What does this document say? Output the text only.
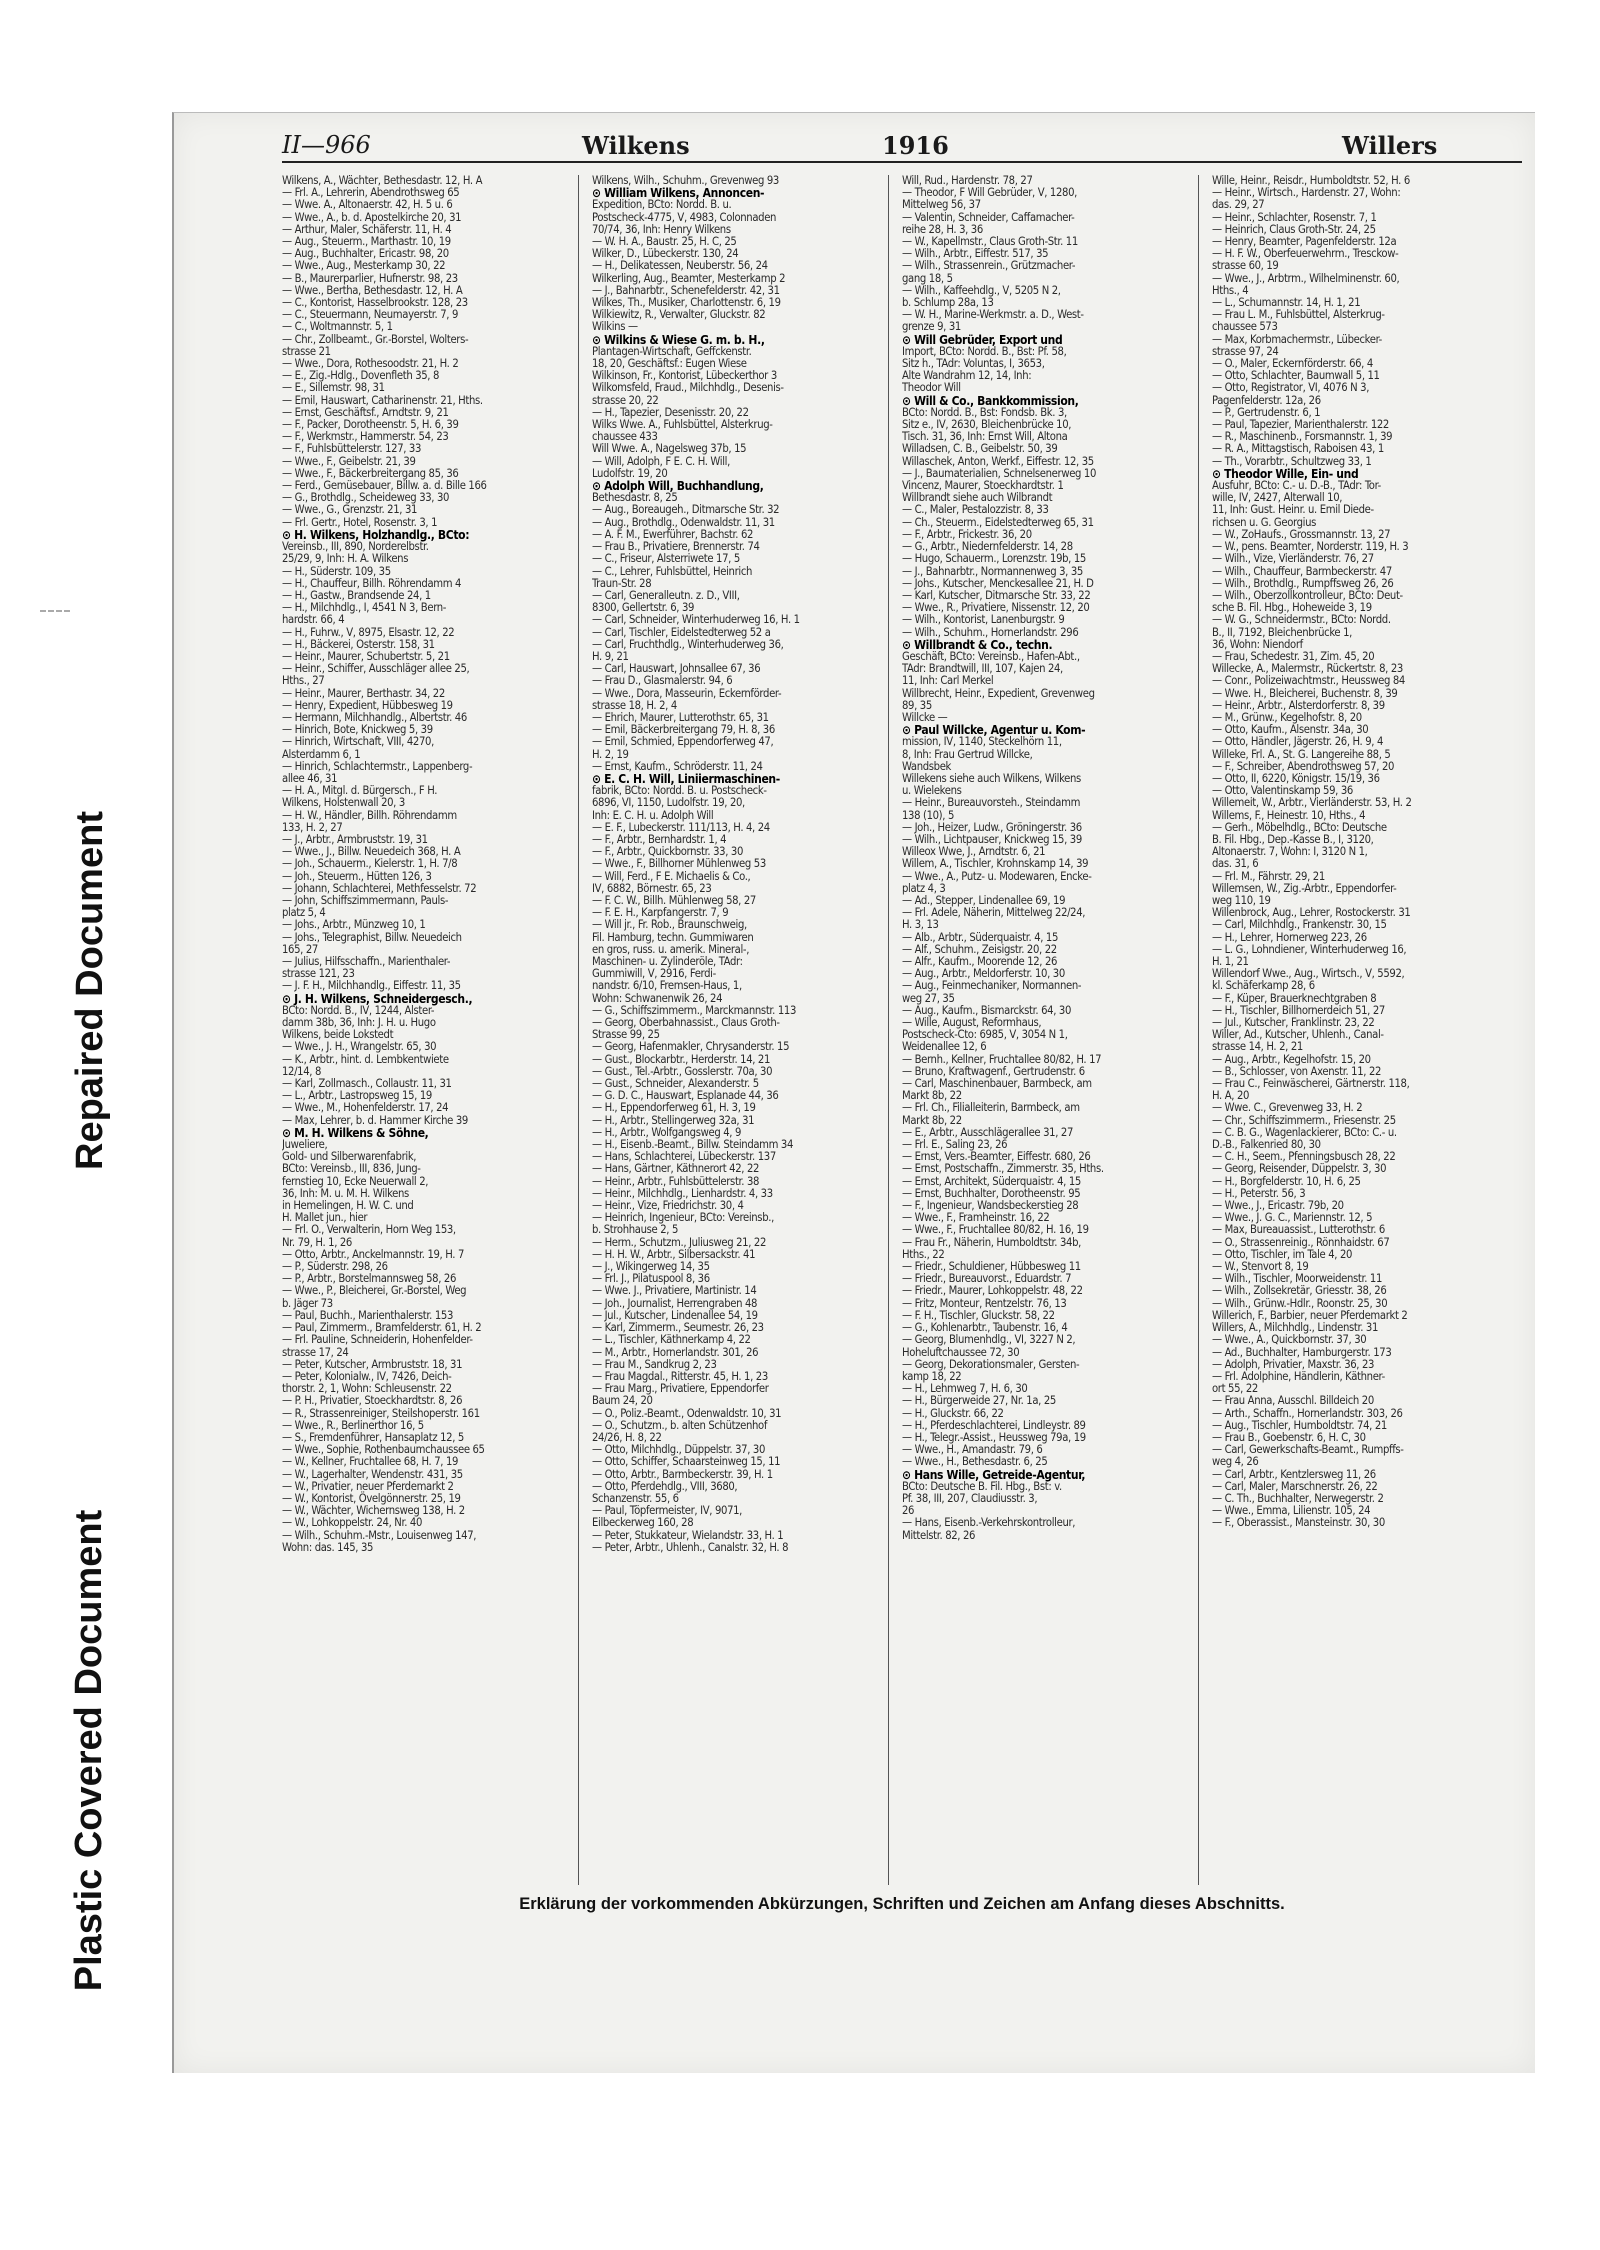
Repaired Document
Plastic Covered Document
II—966	Wilkens	1916	Willers
Wilkens, A., Wächter, Bethesdastr. 12, H. A
— Frl. A., Lehrerin, Abendrothsweg 65
— Wwe. A., Altonaerstr. 42, H. 5 u. 6
— Wwe., A., b. d. Apostelkirche 20, 31
— Arthur, Maler, Schäferstr. 11, H. 4
— Aug., Steuerm., Marthastr. 10, 19
— Aug., Buchhalter, Ericastr. 98, 20
— Wwe., Aug., Mesterkamp 30, 22
— B., Maurerparlier, Hufnerstr. 98, 23
— Wwe., Bertha, Bethesdastr. 12, H. A
— C., Kontorist, Hasselbrookstr. 128, 23
— C., Steuermann, Neumayerstr. 7, 9
— C., Woltmannstr. 5, 1
— Chr., Zollbeamt., Gr.-Borstel, Wolters-
strasse 21
— Wwe., Dora, Rothesoodstr. 21, H. 2
— E., Zig.-Hdlg., Dovenfleth 35, 8
— E., Sillemstr. 98, 31
— Emil, Hauswart, Catharinenstr. 21, Hths.
— Ernst, Geschäftsf., Arndtstr. 9, 21
— F., Packer, Dorotheenstr. 5, H. 6, 39
— F., Werkmstr., Hammerstr. 54, 23
— F., Fuhlsbüttelerstr. 127, 33
— Wwe., F., Geibelstr. 21, 39
— Wwe., F., Bäckerbreitergang 85, 36
— Ferd., Gemüsebauer, Billw. a. d. Bille 166
— G., Brothdlg., Scheideweg 33, 30
— Wwe., G., Grenzstr. 21, 31
— Frl. Gertr., Hotel, Rosenstr. 3, 1
⊙ H. Wilkens, Holzhandlg., BCto:
Vereinsb., III, 890, Norderelbstr.
25/29, 9, Inh: H. A. Wilkens
— H., Süderstr. 109, 35
— H., Chauffeur, Billh. Röhrendamm 4
— H., Gastw., Brandsende 24, 1
— H., Milchhdlg., I, 4541 N 3, Bern-
hardstr. 66, 4
— H., Fuhrw., V, 8975, Elsastr. 12, 22
— H., Bäckerei, Osterstr. 158, 31
— Heinr., Maurer, Schubertstr. 5, 21
— Heinr., Schiffer, Ausschläger allee 25,
Hths., 27
— Heinr., Maurer, Berthastr. 34, 22
— Henry, Expedient, Hübbesweg 19
— Hermann, Milchhandlg., Albertstr. 46
— Hinrich, Bote, Knickweg 5, 39
— Hinrich, Wirtschaft, VIII, 4270,
Alsterdamm 6, 1
— Hinrich, Schlachtermstr., Lappenberg-
allee 46, 31
— H. A., Mitgl. d. Bürgersch., F H.
Wilkens, Holstenwall 20, 3
— H. W., Händler, Billh. Röhrendamm
133, H. 2, 27
— J., Arbtr., Armbruststr. 19, 31
— Wwe., J., Billw. Neuedeich 368, H. A
— Joh., Schauerm., Kielerstr. 1, H. 7/8
— Joh., Steuerm., Hütten 126, 3
— Johann, Schlachterei, Methfesselstr. 72
— John, Schiffszimmermann, Pauls-
platz 5, 4
— Johs., Arbtr., Münzweg 10, 1
— Johs., Telegraphist, Billw. Neuedeich
165, 27
— Julius, Hilfsschaffn., Marienthaler-
strasse 121, 23
— J. F. H., Milchhandlg., Eiffestr. 11, 35
⊙ J. H. Wilkens, Schneidergesch.,
BCto: Nordd. B., IV, 1244, Alster-
damm 38b, 36, Inh: J. H. u. Hugo
Wilkens, beide Lokstedt
— Wwe., J. H., Wrangelstr. 65, 30
— K., Arbtr., hint. d. Lembkentwiete
12/14, 8
— Karl, Zollmasch., Collaustr. 11, 31
— L., Arbtr., Lastropsweg 15, 19
— Wwe., M., Hohenfelderstr. 17, 24
— Max, Lehrer, b. d. Hammer Kirche 39
⊙ M. H. Wilkens & Söhne,
Juweliere,
Gold- und Silberwarenfabrik,
BCto: Vereinsb., III, 836, Jung-
fernstieg 10, Ecke Neuerwall 2,
36, Inh: M. u. M. H. Wilkens
in Hemelingen, H. W. C. und
H. Mallet jun., hier
— Frl. O., Verwalterin, Horn Weg 153,
Nr. 79, H. 1, 26
— Otto, Arbtr., Anckelmannstr. 19, H. 7
— P., Süderstr. 298, 26
— P., Arbtr., Borstelmannsweg 58, 26
— Wwe., P., Bleicherei, Gr.-Borstel, Weg
b. Jäger 73
— Paul, Buchh., Marienthalerstr. 153
— Paul, Zimmerm., Bramfelderstr. 61, H. 2
— Frl. Pauline, Schneiderin, Hohenfelder-
strasse 17, 24
— Peter, Kutscher, Armbruststr. 18, 31
— Peter, Kolonialw., IV, 7426, Deich-
thorstr. 2, 1, Wohn: Schleusenstr. 22
— P. H., Privatier, Stoeckhardtstr. 8, 26
— R., Strassenreiniger, Steilshoperstr. 161
— Wwe., R., Berlinerthor 16, 5
— S., Fremdenführer, Hansaplatz 12, 5
— Wwe., Sophie, Rothenbaumchaussee 65
— W., Kellner, Fruchtallee 68, H. 7, 19
— W., Lagerhalter, Wendenstr. 431, 35
— W., Privatier, neuer Pferdemarkt 2
— W., Kontorist, Övelgönnerstr. 25, 19
— W., Wächter, Wichernsweg 138, H. 2
— W., Lohkoppelstr. 24, Nr. 40
— Wilh., Schuhm.-Mstr., Louisenweg 147,
Wohn: das. 145, 35
Wilkens, Wilh., Schuhm., Grevenweg 93
⊙ William Wilkens, Annoncen-
Expedition, BCto: Nordd. B. u.
Postscheck-4775, V, 4983, Colonnaden
70/74, 36, Inh: Henry Wilkens
— W. H. A., Baustr. 25, H. C, 25
Wilker, D., Lübeckerstr. 130, 24
— H., Delikatessen, Neuberstr. 56, 24
Wilkerling, Aug., Beamter, Mesterkamp 2
— J., Bahnarbtr., Schenefelderstr. 42, 31
Wilkes, Th., Musiker, Charlottenstr. 6, 19
Wilkiewitz, R., Verwalter, Gluckstr. 82
Wilkins —
⊙ Wilkins & Wiese G. m. b. H.,
Plantagen-Wirtschaft, Geffckenstr.
18, 20, Geschäftsf.: Eugen Wiese
Wilkinson, Fr., Kontorist, Lübeckerthor 3
Wilkomsfeld, Fraud., Milchhdlg., Desenis-
strasse 20, 22
— H., Tapezier, Desenisstr. 20, 22
Wilks Wwe. A., Fuhlsbüttel, Alsterkrug-
chaussee 433
Will Wwe. A., Nagelsweg 37b, 15
— Will, Adolph, F E. C. H. Will,
Ludolfstr. 19, 20
⊙ Adolph Will, Buchhandlung,
Bethesdastr. 8, 25
— Aug., Boreaugeh., Ditmarsche Str. 32
— Aug., Brothdlg., Odenwaldstr. 11, 31
— A. F. M., Ewerführer, Bachstr. 62
— Frau B., Privatiere, Brennerstr. 74
— C., Friseur, Alsterriwete 17, 5
— C., Lehrer, Fuhlsbüttel, Heinrich
Traun-Str. 28
— Carl, Generalleutn. z. D., VIII,
8300, Gellertstr. 6, 39
— Carl, Schneider, Winterhuderweg 16, H. 1
— Carl, Tischler, Eidelstedterweg 52 a
— Carl, Fruchthdlg., Winterhuderweg 36,
H. 9, 21
— Carl, Hauswart, Johnsallee 67, 36
— Frau D., Glasmalerstr. 94, 6
— Wwe., Dora, Masseurin, Eckernförder-
strasse 18, H. 2, 4
— Ehrich, Maurer, Lutterothstr. 65, 31
— Emil, Bäckerbreitergang 79, H. 8, 36
— Emil, Schmied, Eppendorferweg 47,
H. 2, 19
— Ernst, Kaufm., Schröderstr. 11, 24
⊙ E. C. H. Will, Liniiermaschinen-
fabrik, BCto: Nordd. B. u. Postscheck-
6896, VI, 1150, Ludolfstr. 19, 20,
Inh: E. C. H. u. Adolph Will
— E. F., Lubeckerstr. 111/113, H. 4, 24
— F., Arbtr., Bernhardstr. 1, 4
— F., Arbtr., Quickbornstr. 33, 30
— Wwe., F., Billhorner Mühlenweg 53
— Will, Ferd., F E. Michaelis & Co.,
IV, 6882, Börnestr. 65, 23
— F. C. W., Billh. Mühlenweg 58, 27
— F. E. H., Karpfangerstr. 7, 9
— Will jr., Fr. Rob., Braunschweig,
Fil. Hamburg, techn. Gummiwaren
en gros, russ. u. amerik. Mineral-,
Maschinen- u. Zylinderöle, TAdr:
Gummiwill, V, 2916, Ferdi-
nandstr. 6/10, Fremsen-Haus, 1,
Wohn: Schwanenwik 26, 24
— G., Schiffszimmerm., Marckmannstr. 113
— Georg, Oberbahnassist., Claus Groth-
Strasse 99, 25
— Georg, Hafenmakler, Chrysanderstr. 15
— Gust., Blockarbtr., Herderstr. 14, 21
— Gust., Tel.-Arbtr., Gosslerstr. 70a, 30
— Gust., Schneider, Alexanderstr. 5
— G. D. C., Hauswart, Esplanade 44, 36
— H., Eppendorferweg 61, H. 3, 19
— H., Arbtr., Stellingerweg 32a, 31
— H., Arbtr., Wolfgangsweg 4, 9
— H., Eisenb.-Beamt., Billw. Steindamm 34
— Hans, Schlachterei, Lübeckerstr. 137
— Hans, Gärtner, Käthnerort 42, 22
— Heinr., Arbtr., Fuhlsbüttelerstr. 38
— Heinr., Milchhdlg., Lienhardstr. 4, 33
— Heinr., Vize, Friedrichstr. 30, 4
— Heinrich, Ingenieur, BCto: Vereinsb.,
b. Strohhause 2, 5
— Herm., Schutzm., Juliusweg 21, 22
— H. H. W., Arbtr., Silbersackstr. 41
— J., Wikingerweg 14, 35
— Frl. J., Pilatuspool 8, 36
— Wwe. J., Privatiere, Martinistr. 14
— Joh., Journalist, Herrengraben 48
— Jul., Kutscher, Lindenallee 54, 19
— Karl, Zimmerm., Seumestr. 26, 23
— L., Tischler, Käthnerkamp 4, 22
— M., Arbtr., Hornerlandstr. 301, 26
— Frau M., Sandkrug 2, 23
— Frau Magdal., Ritterstr. 45, H. 1, 23
— Frau Marg., Privatiere, Eppendorfer
Baum 24, 20
— O., Poliz.-Beamt., Odenwaldstr. 10, 31
— O., Schutzm., b. alten Schützenhof
24/26, H. 8, 22
— Otto, Milchhdlg., Düppelstr. 37, 30
— Otto, Schiffer, Schaarsteinweg 15, 11
— Otto, Arbtr., Barmbeckerstr. 39, H. 1
— Otto, Pferdehdlg., VIII, 3680,
Schanzenstr. 55, 6
— Paul, Töpfermeister, IV, 9071,
Eilbeckerweg 160, 28
— Peter, Stukkateur, Wielandstr. 33, H. 1
— Peter, Arbtr., Uhlenh., Canalstr. 32, H. 8
Will, Rud., Hardenstr. 78, 27
— Theodor, F Will Gebrüder, V, 1280,
Mittelweg 56, 37
— Valentin, Schneider, Caffamacher-
reihe 28, H. 3, 36
— W., Kapellmstr., Claus Groth-Str. 11
— Wilh., Arbtr., Eiffestr. 517, 35
— Wilh., Strassenrein., Grützmacher-
gang 18, 5
— Wilh., Kaffeehdlg., V, 5205 N 2,
b. Schlump 28a, 13
— W. H., Marine-Werkmstr. a. D., West-
grenze 9, 31
⊙ Will Gebrüder, Export und
Import, BCto: Nordd. B., Bst: Pf. 58,
Sitz h., TAdr: Voluntas, I, 3653,
Alte Wandrahm 12, 14, Inh:
Theodor Will
⊙ Will & Co., Bankkommission,
BCto: Nordd. B., Bst: Fondsb. Bk. 3,
Sitz e., IV, 2630, Bleichenbrücke 10,
Tisch. 31, 36, Inh: Ernst Will, Altona
Willadsen, C. B., Geibelstr. 50, 39
Willaschek, Anton, Werkf., Eiffestr. 12, 35
— J., Baumaterialien, Schnelsenerweg 10
Vincenz, Maurer, Stoeckhardtstr. 1
Willbrandt siehe auch Wilbrandt
— C., Maler, Pestalozzistr. 8, 33
— Ch., Steuerm., Eidelstedterweg 65, 31
— F., Arbtr., Frickestr. 36, 20
— G., Arbtr., Niedernfelderstr. 14, 28
— Hugo, Schauerm., Lorenzstr. 19b, 15
— J., Bahnarbtr., Normannenweg 3, 35
— Johs., Kutscher, Menckesallee 21, H. D
— Karl, Kutscher, Ditmarsche Str. 33, 22
— Wwe., R., Privatiere, Nissenstr. 12, 20
— Wilh., Kontorist, Lanenburgstr. 9
— Wilh., Schuhm., Hornerlandstr. 296
⊙ Willbrandt & Co., techn.
Geschäft, BCto: Vereinsb., Hafen-Abt.,
TAdr: Brandtwill, III, 107, Kajen 24,
11, Inh: Carl Merkel
Willbrecht, Heinr., Expedient, Grevenweg
89, 35
Willcke —
⊙ Paul Willcke, Agentur u. Kom-
mission, IV, 1140, Steckelhörn 11,
8, Inh: Frau Gertrud Willcke,
Wandsbek
Willekens siehe auch Wilkens, Wilkens
u. Wielekens
— Heinr., Bureauvorsteh., Steindamm
138 (10), 5
— Joh., Heizer, Ludw., Gröningerstr. 36
— Wilh., Lichtpauser, Knickweg 15, 39
Willeox Wwe, J., Arndtstr. 6, 21
Willem, A., Tischler, Krohnskamp 14, 39
— Wwe., A., Putz- u. Modewaren, Encke-
platz 4, 3
— Ad., Stepper, Lindenallee 69, 19
— Frl. Adele, Näherin, Mittelweg 22/24,
H. 3, 13
— Alb., Arbtr., Süderquaistr. 4, 15
— Alf., Schuhm., Zeisigstr. 20, 22
— Alfr., Kaufm., Moorende 12, 26
— Aug., Arbtr., Meldorferstr. 10, 30
— Aug., Feinmechaniker, Normannen-
weg 27, 35
— Aug., Kaufm., Bismarckstr. 64, 30
— Wille, August, Reformhaus,
Postscheck-Cto: 6985, V, 3054 N 1,
Weidenallee 12, 6
— Bernh., Kellner, Fruchtallee 80/82, H. 17
— Bruno, Kraftwagenf., Gertrudenstr. 6
— Carl, Maschinenbauer, Barmbeck, am
Markt 8b, 22
— Frl. Ch., Filialleiterin, Barmbeck, am
Markt 8b, 22
— E., Arbtr., Ausschlägerallee 31, 27
— Frl. E., Saling 23, 26
— Ernst, Vers.-Beamter, Eiffestr. 680, 26
— Ernst, Postschaffn., Zimmerstr. 35, Hths.
— Ernst, Architekt, Süderquaistr. 4, 15
— Ernst, Buchhalter, Dorotheenstr. 95
— F., Ingenieur, Wandsbeckerstieg 28
— Wwe., F., Framheinstr. 16, 22
— Wwe., F., Fruchtallee 80/82, H. 16, 19
— Frau Fr., Näherin, Humboldtstr. 34b,
Hths., 22
— Friedr., Schuldiener, Hübbesweg 11
— Friedr., Bureauvorst., Eduardstr. 7
— Friedr., Maurer, Lohkoppelstr. 48, 22
— Fritz, Monteur, Rentzelstr. 76, 13
— F. H., Tischler, Gluckstr. 58, 22
— G., Kohlenarbtr., Taubenstr. 16, 4
— Georg, Blumenhdlg., VI, 3227 N 2,
Hoheluftchaussee 72, 30
— Georg, Dekorationsmaler, Gersten-
kamp 18, 22
— H., Lehmweg 7, H. 6, 30
— H., Bürgerweide 27, Nr. 1a, 25
— H., Gluckstr. 66, 22
— H., Pferdeschlachterei, Lindleystr. 89
— H., Telegr.-Assist., Heussweg 79a, 19
— Wwe., H., Amandastr. 79, 6
— Wwe., H., Bethesdastr. 6, 25
⊙ Hans Wille, Getreide-Agentur,
BCto: Deutsche B. Fil. Hbg., Bst: v.
Pf. 38, III, 207, Claudiusstr. 3,
26
— Hans, Eisenb.-Verkehrskontrolleur,
Mittelstr. 82, 26
Wille, Heinr., Reisdr., Humboldtstr. 52, H. 6
— Heinr., Wirtsch., Hardenstr. 27, Wohn:
das. 29, 27
— Heinr., Schlachter, Rosenstr. 7, 1
— Heinrich, Claus Groth-Str. 24, 25
— Henry, Beamter, Pagenfelderstr. 12a
— H. F. W., Oberfeuerwehrm., Tresckow-
strasse 60, 19
— Wwe., J., Arbtrm., Wilhelminenstr. 60,
Hths., 4
— L., Schumannstr. 14, H. 1, 21
— Frau L. M., Fuhlsbüttel, Alsterkrug-
chaussee 573
— Max, Korbmachermstr., Lübecker-
strasse 97, 24
— O., Maler, Eckernförderstr. 66, 4
— Otto, Schlachter, Baumwall 5, 11
— Otto, Registrator, VI, 4076 N 3,
Pagenfelderstr. 12a, 26
— P., Gertrudenstr. 6, 1
— Paul, Tapezier, Marienthalerstr. 122
— R., Maschinenb., Forsmannstr. 1, 39
— R. A., Mittagstisch, Raboisen 43, 1
— Th., Vorarbtr., Schultzweg 33, 1
⊙ Theodor Wille, Ein- und
Ausfuhr, BCto: C.- u. D.-B., TAdr: Tor-
wille, IV, 2427, Alterwall 10,
11, Inh: Gust. Heinr. u. Emil Diede-
richsen u. G. Georgius
— W., ZoHaufs., Grossmannstr. 13, 27
— W., pens. Beamter, Norderstr. 119, H. 3
— Wilh., Vize, Vierländerstr. 76, 27
— Wilh., Chauffeur, Barmbeckerstr. 47
— Wilh., Brothdlg., Rumpffsweg 26, 26
— Wilh., Oberzollkontrolleur, BCto: Deut-
sche B. Fil. Hbg., Hoheweide 3, 19
— W. G., Schneidermstr., BCto: Nordd.
B., II, 7192, Bleichenbrücke 1,
36, Wohn: Niendorf
— Frau, Schedestr. 31, Zim. 45, 20
Willecke, A., Malermstr., Rückertstr. 8, 23
— Conr., Polizeiwachtmstr., Heussweg 84
— Wwe. H., Bleicherei, Buchenstr. 8, 39
— Heinr., Arbtr., Alsterdorferstr. 8, 39
— M., Grünw., Kegelhofstr. 8, 20
— Otto, Kaufm., Alsenstr. 34a, 30
— Otto, Händler, Jägerstr. 26, H. 9, 4
Willeke, Frl. A., St. G. Langereihe 88, 5
— F., Schreiber, Abendrothsweg 57, 20
— Otto, II, 6220, Königstr. 15/19, 36
— Otto, Valentinskamp 59, 36
Willemeit, W., Arbtr., Vierländerstr. 53, H. 2
Willems, F., Heinestr. 10, Hths., 4
— Gerh., Möbelhdlg., BCto: Deutsche
B. Fil. Hbg., Dep.-Kasse B., I, 3120,
Altonaerstr. 7, Wohn: I, 3120 N 1,
das. 31, 6
— Frl. M., Fährstr. 29, 21
Willemsen, W., Zig.-Arbtr., Eppendorfer-
weg 110, 19
Willenbrock, Aug., Lehrer, Rostockerstr. 31
— Carl, Milchhdlg., Frankenstr. 30, 15
— H., Lehrer, Hornerweg 223, 26
— L. G., Lohndiener, Winterhuderweg 16,
H. 1, 21
Willendorf Wwe., Aug., Wirtsch., V, 5592,
kl. Schäferkamp 28, 6
— F., Küper, Brauerknechtgraben 8
— H., Tischler, Billhornerdeich 51, 27
— Jul., Kutscher, Franklinstr. 23, 22
Willer, Ad., Kutscher, Uhlenh., Canal-
strasse 14, H. 2, 21
— Aug., Arbtr., Kegelhofstr. 15, 20
— B., Schlosser, von Axenstr. 11, 22
— Frau C., Feinwäscherei, Gärtnerstr. 118,
H. A, 20
— Wwe. C., Grevenweg 33, H. 2
— Chr., Schiffszimmerm., Friesenstr. 25
— C. B. G., Wagenlackierer, BCto: C.- u.
D.-B., Falkenried 80, 30
— C. H., Seem., Pfenningsbusch 28, 22
— Georg, Reisender, Düppelstr. 3, 30
— H., Borgfelderstr. 10, H. 6, 25
— H., Peterstr. 56, 3
— Wwe., J., Ericastr. 79b, 20
— Wwe., J. G. C., Mariennstr. 12, 5
— Max, Bureauassist., Lutterothstr. 6
— O., Strassenreinig., Rönnhaidstr. 67
— Otto, Tischler, im Tale 4, 20
— W., Stenvort 8, 19
— Wilh., Tischler, Moorweidenstr. 11
— Wilh., Zollsekretär, Griesstr. 38, 26
— Wilh., Grünw.-Hdlr., Roonstr. 25, 30
Willerich, F., Barbier, neuer Pferdemarkt 2
Willers, A., Milchhdlg., Lindenstr. 31
— Wwe., A., Quickbornstr. 37, 30
— Ad., Buchhalter, Hamburgerstr. 173
— Adolph, Privatier, Maxstr. 36, 23
— Frl. Adolphine, Händlerin, Käthner-
ort 55, 22
— Frau Anna, Ausschl. Billdeich 20
— Arth., Schaffn., Hornerlandstr. 303, 26
— Aug., Tischler, Humboldtstr. 74, 21
— Frau B., Goebenstr. 6, H. C, 30
— Carl, Gewerkschafts-Beamt., Rumpffs-
weg 4, 26
— Carl, Arbtr., Kentzlersweg 11, 26
— Carl, Maler, Marschnerstr. 26, 22
— C. Th., Buchhalter, Nerwegerstr. 2
— Wwe., Emma, Lilienstr. 105, 24
— F., Oberassist., Mansteinstr. 30, 30
Erklärung der vorkommenden Abkürzungen, Schriften und Zeichen am Anfang dieses Abschnitts.
